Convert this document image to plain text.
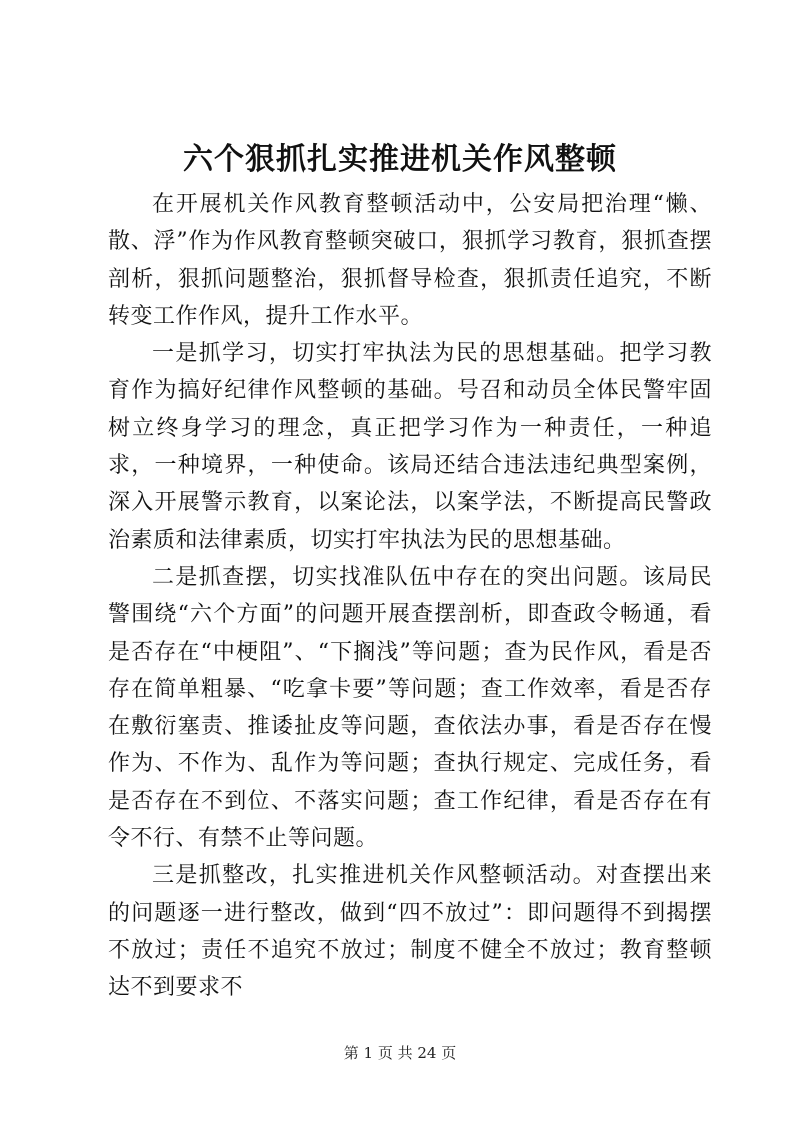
六个狠抓扎实推进机关作风整顿

在开展机关作风教育整顿活动中，公安局把治理“懒、散、浮”作为作风教育整顿突破口，狠抓学习教育，狠抓查摆剖析，狠抓问题整治，狠抓督导检查，狠抓责任追究，不断转变工作作风，提升工作水平。

一是抓学习，切实打牢执法为民的思想基础。把学习教育作为搞好纪律作风整顿的基础。号召和动员全体民警牢固树立终身学习的理念，真正把学习作为一种责任，一种追求，一种境界，一种使命。该局还结合违法违纪典型案例，深入开展警示教育，以案论法，以案学法，不断提高民警政治素质和法律素质，切实打牢执法为民的思想基础。

二是抓查摆，切实找准队伍中存在的突出问题。该局民警围绕“六个方面”的问题开展查摆剖析，即查政令畅通，看是否存在“中梗阻”、“下搁浅”等问题；查为民作风，看是否存在简单粗暴、“吃拿卡要”等问题；查工作效率，看是否存在敷衍塞责、推诿扯皮等问题，查依法办事，看是否存在慢作为、不作为、乱作为等问题；查执行规定、完成任务，看是否存在不到位、不落实问题；查工作纪律，看是否存在有令不行、有禁不止等问题。

三是抓整改，扎实推进机关作风整顿活动。对查摆出来的问题逐一进行整改，做到“四不放过”：即问题得不到揭摆不放过；责任不追究不放过；制度不健全不放过；教育整顿达不到要求不

第 1 页 共 24 页
